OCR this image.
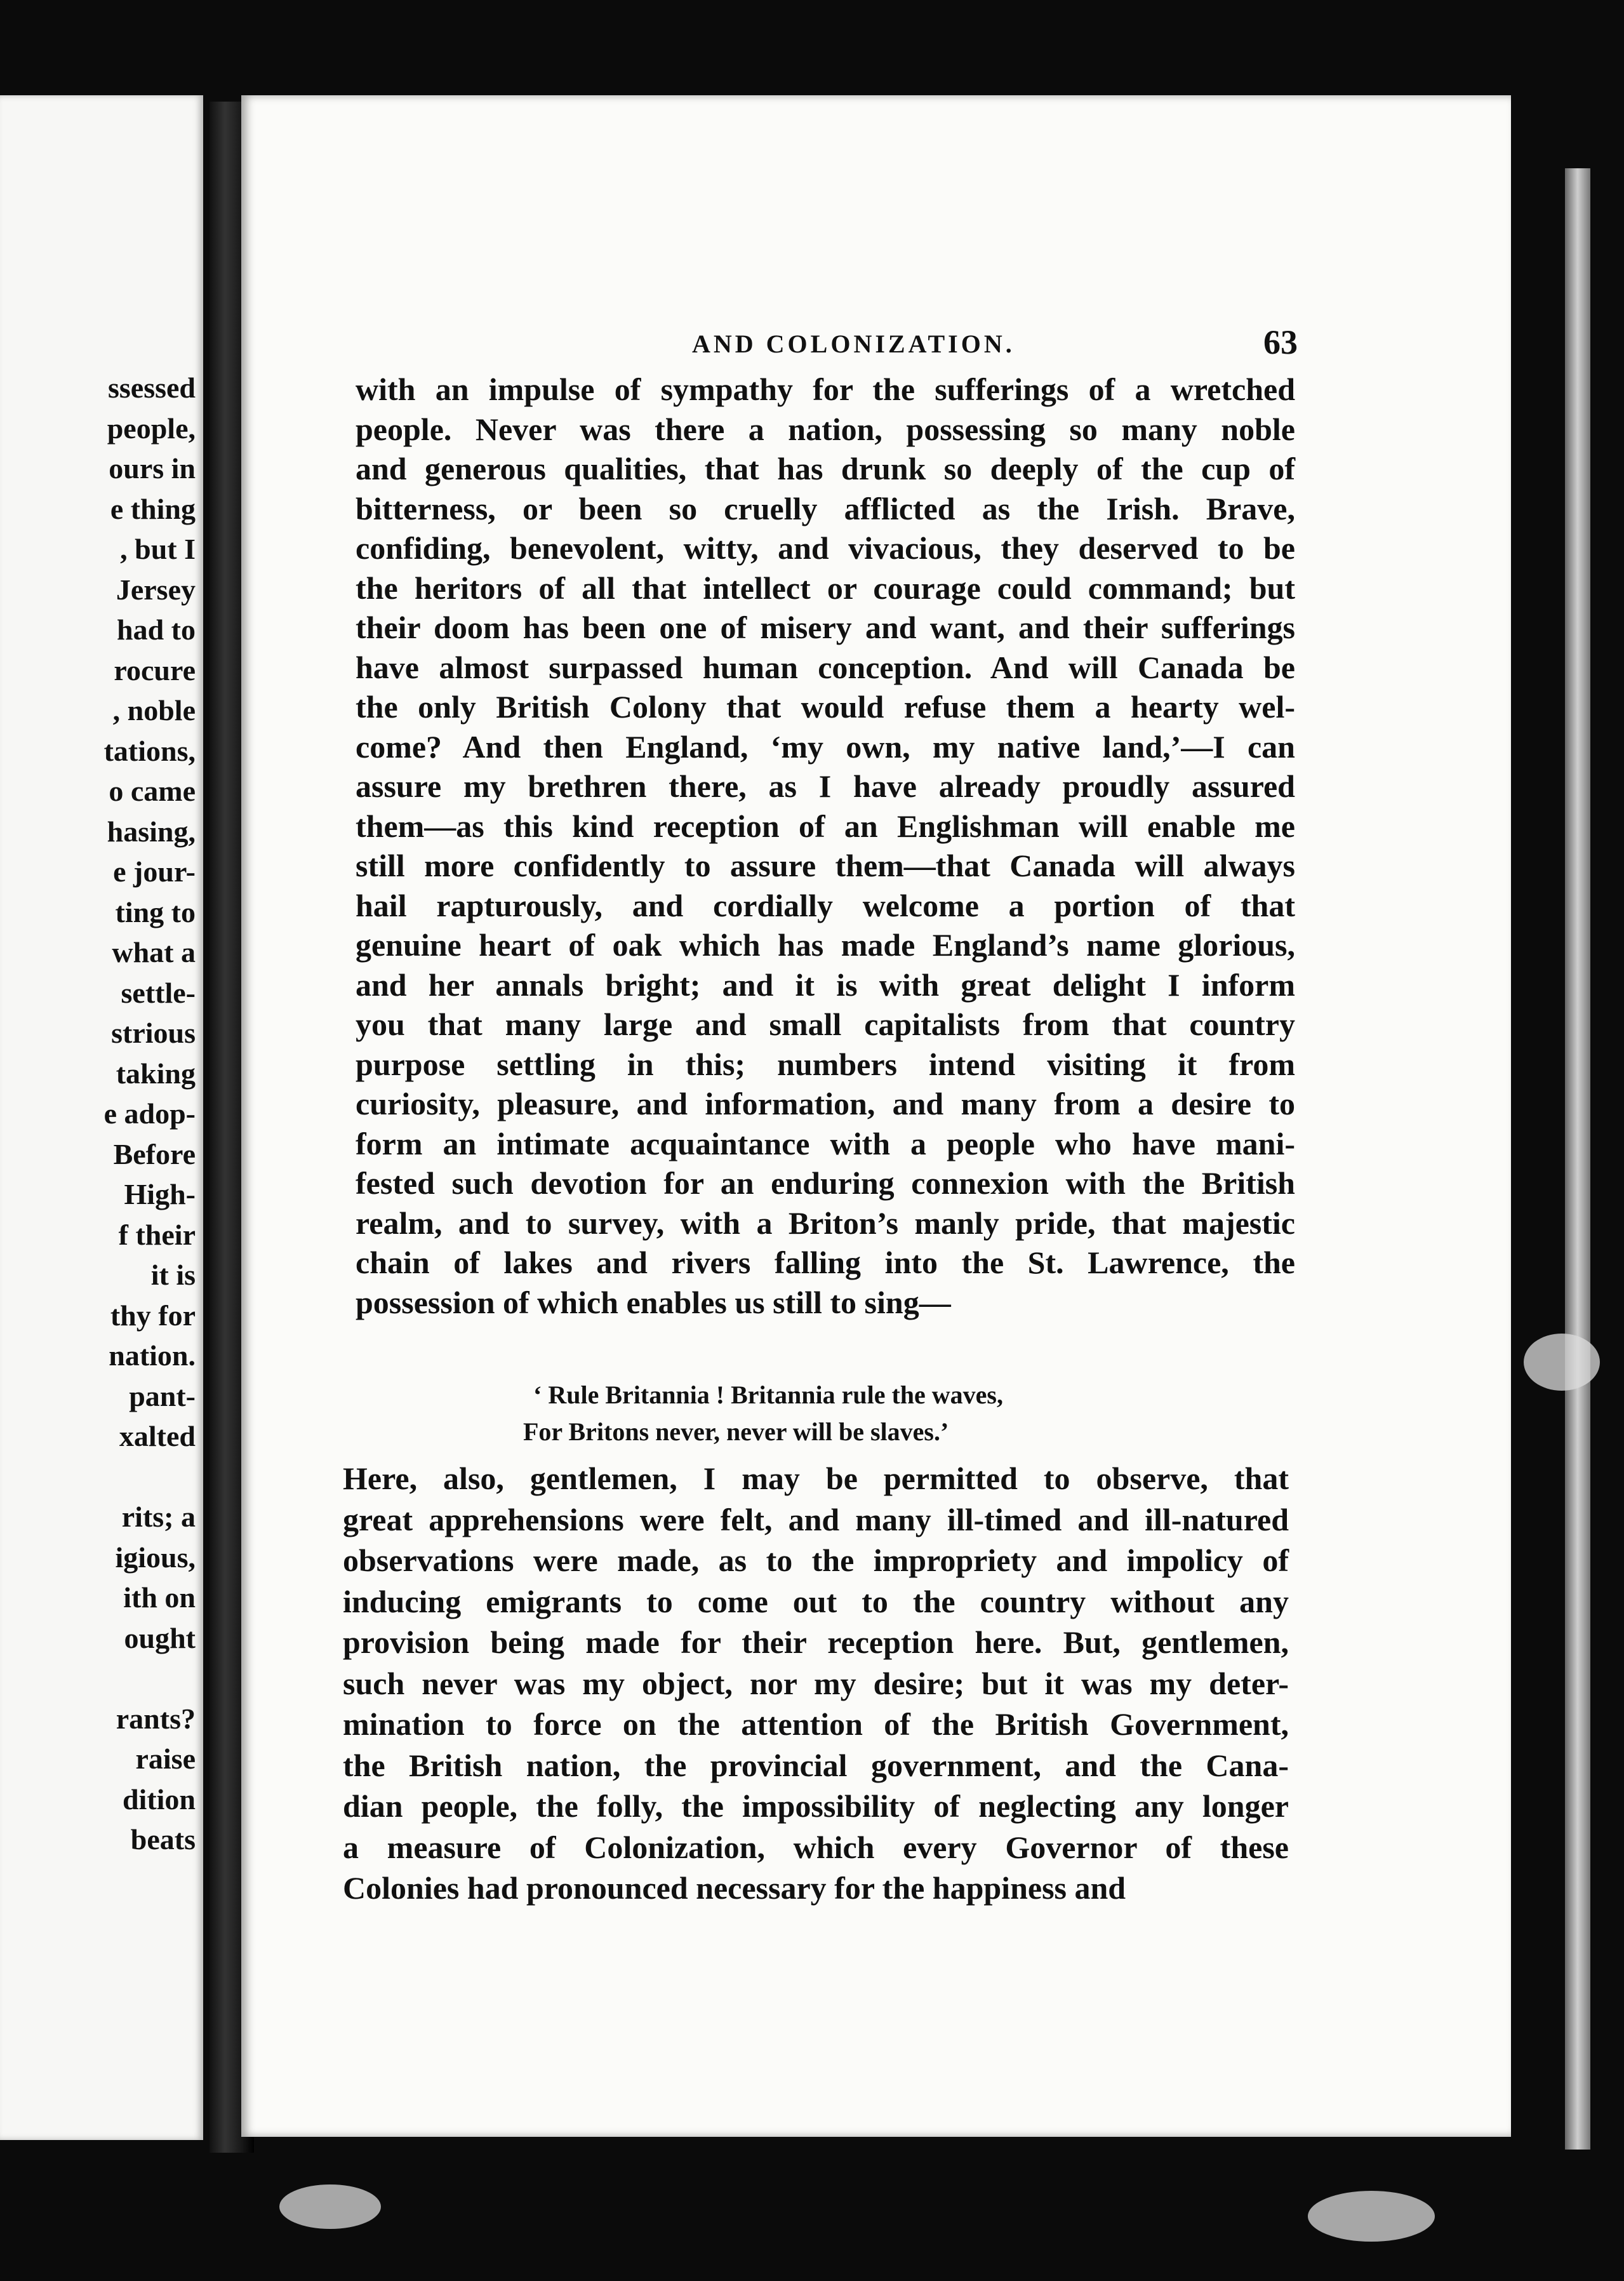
ssessed
people,
ours in
e thing
, but I
Jersey
had to
rocure
, noble
tations,
o came
hasing,
e jour-
ting to
what a
settle-
strious
taking
e adop-
Before
High-
f their
it is
thy for
nation.
pant-
xalted
rits; a
igious,
ith on
ought
rants?
raise
dition
beats
AND COLONIZATION.	63
with an impulse of sympathy for the sufferings of a wretched
people. Never was there a nation, possessing so many noble
and generous qualities, that has drunk so deeply of the cup of
bitterness, or been so cruelly afflicted as the Irish. Brave,
confiding, benevolent, witty, and vivacious, they deserved to be
the heritors of all that intellect or courage could command; but
their doom has been one of misery and want, and their sufferings
have almost surpassed human conception. And will Canada be
the only British Colony that would refuse them a hearty wel-
come? And then England, ‘my own, my native land,’—I can
assure my brethren there, as I have already proudly assured
them—as this kind reception of an Englishman will enable me
still more confidently to assure them—that Canada will always
hail rapturously, and cordially welcome a portion of that
genuine heart of oak which has made England’s name glorious,
and her annals bright; and it is with great delight I inform
you that many large and small capitalists from that country
purpose settling in this; numbers intend visiting it from
curiosity, pleasure, and information, and many from a desire to
form an intimate acquaintance with a people who have mani-
fested such devotion for an enduring connexion with the British
realm, and to survey, with a Briton’s manly pride, that majestic
chain of lakes and rivers falling into the St. Lawrence, the
possession of which enables us still to sing—
‘ Rule Britannia ! Britannia rule the waves,
For Britons never, never will be slaves.’
Here, also, gentlemen, I may be permitted to observe, that
great apprehensions were felt, and many ill-timed and ill-natured
observations were made, as to the impropriety and impolicy of
inducing emigrants to come out to the country without any
provision being made for their reception here. But, gentlemen,
such never was my object, nor my desire; but it was my deter-
mination to force on the attention of the British Government,
the British nation, the provincial government, and the Cana-
dian people, the folly, the impossibility of neglecting any longer
a measure of Colonization, which every Governor of these
Colonies had pronounced necessary for the happiness and
